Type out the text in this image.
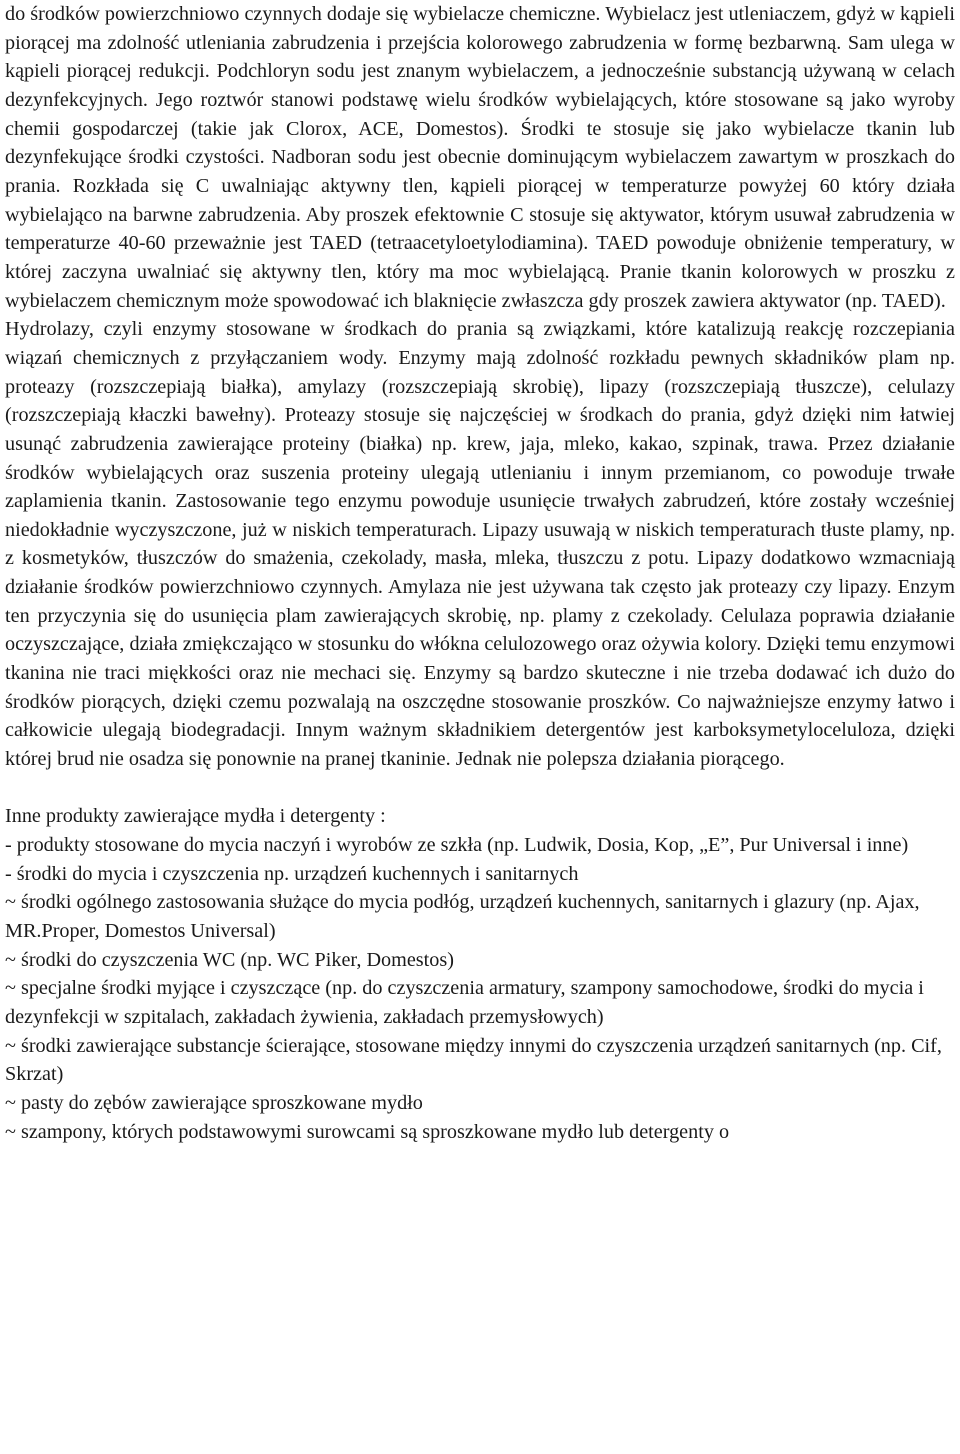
do środków powierzchniowo czynnych dodaje się wybielacze chemiczne. Wybielacz jest utleniaczem, gdyż w kąpieli piorącej ma zdolność utleniania zabrudzenia i przejścia kolorowego zabrudzenia w formę bezbarwną. Sam ulega w kąpieli piorącej redukcji. Podchloryn sodu jest znanym wybielaczem, a jednocześnie substancją używaną w celach dezynfekcyjnych. Jego roztwór stanowi podstawę wielu środków wybielających, które stosowane są jako wyroby chemii gospodarczej (takie jak Clorox, ACE, Domestos). Środki te stosuje się jako wybielacze tkanin lub dezynfekujące środki czystości. Nadboran sodu jest obecnie dominującym wybielaczem zawartym w proszkach do prania. Rozkłada się C uwalniając aktywny tlen, kąpieli piorącej w temperaturze powyżej 60 który działa wybielająco na barwne zabrudzenia. Aby proszek efektownie C stosuje się aktywator, którym usuwał zabrudzenia w temperaturze 40-60 przeważnie jest TAED (tetraacetyloetylodiamina). TAED powoduje obniżenie temperatury, w której zaczyna uwalniać się aktywny tlen, który ma moc wybielającą. Pranie tkanin kolorowych w proszku z wybielaczem chemicznym może spowodować ich blaknięcie zwłaszcza gdy proszek zawiera aktywator (np. TAED).

Hydrolazy, czyli enzymy stosowane w środkach do prania są związkami, które katalizują reakcję rozczepiania wiązań chemicznych z przyłączaniem wody. Enzymy mają zdolność rozkładu pewnych składników plam np. proteazy (rozszczepiają białka), amylazy (rozszczepiają skrobię), lipazy (rozszczepiają tłuszcze), celulazy (rozszczepiają kłaczki bawełny). Proteazy stosuje się najczęściej w środkach do prania, gdyż dzięki nim łatwiej usunąć zabrudzenia zawierające proteiny (białka) np. krew, jaja, mleko, kakao, szpinak, trawa. Przez działanie środków wybielających oraz suszenia proteiny ulegają utlenianiu i innym przemianom, co powoduje trwałe zaplamienia tkanin. Zastosowanie tego enzymu powoduje usunięcie trwałych zabrudzeń, które zostały wcześniej niedokładnie wyczyszczone, już w niskich temperaturach. Lipazy usuwają w niskich temperaturach tłuste plamy, np. z kosmetyków, tłuszczów do smażenia, czekolady, masła, mleka, tłuszczu z potu. Lipazy dodatkowo wzmacniają działanie środków powierzchniowo czynnych. Amylaza nie jest używana tak często jak proteazy czy lipazy. Enzym ten przyczynia się do usunięcia plam zawierających skrobię, np. plamy z czekolady. Celulaza poprawia działanie oczyszczające, działa zmiękczająco w stosunku do włókna celulozowego oraz ożywia kolory. Dzięki temu enzymowi tkanina nie traci miękkości oraz nie mechaci się. Enzymy są bardzo skuteczne i nie trzeba dodawać ich dużo do środków piorących, dzięki czemu pozwalają na oszczędne stosowanie proszków. Co najważniejsze enzymy łatwo i całkowicie ulegają biodegradacji. Innym ważnym składnikiem detergentów jest karboksymetyloceluloza, dzięki której brud nie osadza się ponownie na pranej tkaninie. Jednak nie polepsza działania piorącego.

Inne produkty zawierające mydła i detergenty :

- produkty stosowane do mycia naczyń i wyrobów ze szkła (np. Ludwik, Dosia, Kop, „E”, Pur Universal i inne)
- środki do mycia i czyszczenia np. urządzeń kuchennych i sanitarnych
~ środki ogólnego zastosowania służące do mycia podłóg, urządzeń kuchennych, sanitarnych i glazury (np. Ajax, MR.Proper, Domestos Universal)
~ środki do czyszczenia WC (np. WC Piker, Domestos)
~ specjalne środki myjące i czyszczące (np. do czyszczenia armatury, szampony samochodowe, środki do mycia i dezynfekcji w szpitalach, zakładach żywienia, zakładach przemysłowych)
~ środki zawierające substancje ścierające, stosowane między innymi do czyszczenia urządzeń sanitarnych (np. Cif, Skrzat)
~ pasty do zębów zawierające sproszkowane mydło
~ szampony, których podstawowymi surowcami są sproszkowane mydło lub detergenty o
